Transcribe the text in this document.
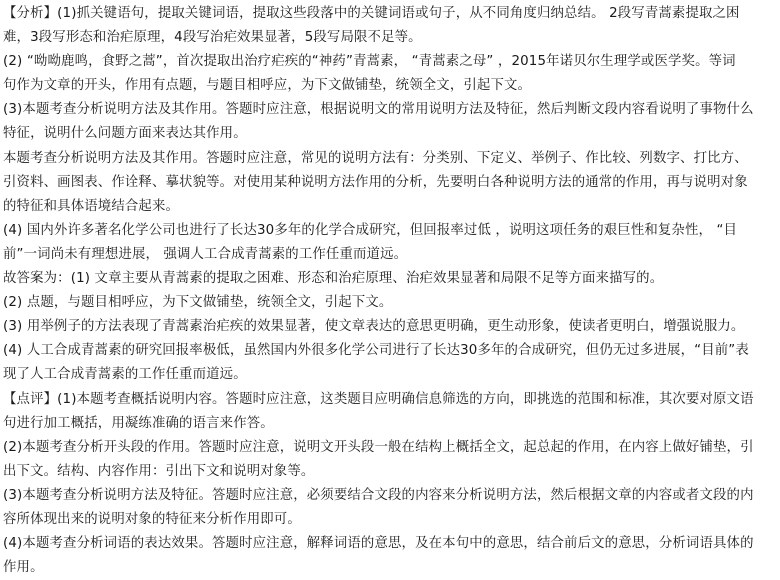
【分析】(1)抓关键语句，提取关键词语，提取这些段落中的关键词语或句子，从不同角度归纳总结。 2段写青蒿素提取之困
难，3段写形态和治疟原理，4段写治疟效果显著，5段写局限不足等。
(2) “呦呦鹿鸣，食野之蒿”，首次提取出治疗疟疾的“神药”青蒿素， “青蒿素之母” ，2015年诺贝尔生理学或医学奖。等词
句作为文章的开头，作用有点题，与题目相呼应，为下文做铺垫，统领全文，引起下文。
(3)本题考查分析说明方法及其作用。答题时应注意，根据说明文的常用说明方法及特征，然后判断文段内容看说明了事物什么
特征，说明什么问题方面来表达其作用。
本题考查分析说明方法及其作用。答题时应注意，常见的说明方法有：分类别、下定义、举例子、作比较、列数字、打比方、
引资料、画图表、作诠释、摹状貌等。对使用某种说明方法作用的分析，先要明白各种说明方法的通常的作用，再与说明对象
的特征和具体语境结合起来。
(4) 国内外许多著名化学公司也进行了长达30多年的化学合成研究，但回报率过低 ，说明这项任务的艰巨性和复杂性， “目
前”一词尚未有理想进展， 强调人工合成青蒿素的工作任重而道远。
故答案为：(1) 文章主要从青蒿素的提取之困难、形态和治疟原理、治疟效果显著和局限不足等方面来描写的。
(2) 点题，与题目相呼应，为下文做铺垫，统领全文，引起下文。
(3) 用举例子的方法表现了青蒿素治疟疾的效果显著，使文章表达的意思更明确，更生动形象，使读者更明白，增强说服力。
(4) 人工合成青蒿素的研究回报率极低，虽然国内外很多化学公司进行了长达30多年的合成研究，但仍无过多进展，“目前”表
现了人工合成青蒿素的工作任重而道远。
【点评】(1)本题考查概括说明内容。答题时应注意，这类题目应明确信息筛选的方向，即挑选的范围和标准，其次要对原文语
句进行加工概括，用凝练准确的语言来作答。
(2)本题考查分析开头段的作用。答题时应注意，说明文开头段一般在结构上概括全文，起总起的作用，在内容上做好铺垫，引
出下文。结构、内容作用：引出下文和说明对象等。
(3)本题考查分析说明方法及特征。答题时应注意，必须要结合文段的内容来分析说明方法，然后根据文章的内容或者文段的内
容所体现出来的说明对象的特征来分析作用即可。
(4)本题考查分析词语的表达效果。答题时应注意，解释词语的意思，及在本句中的意思，结合前后文的意思，分析词语具体的
作用。
